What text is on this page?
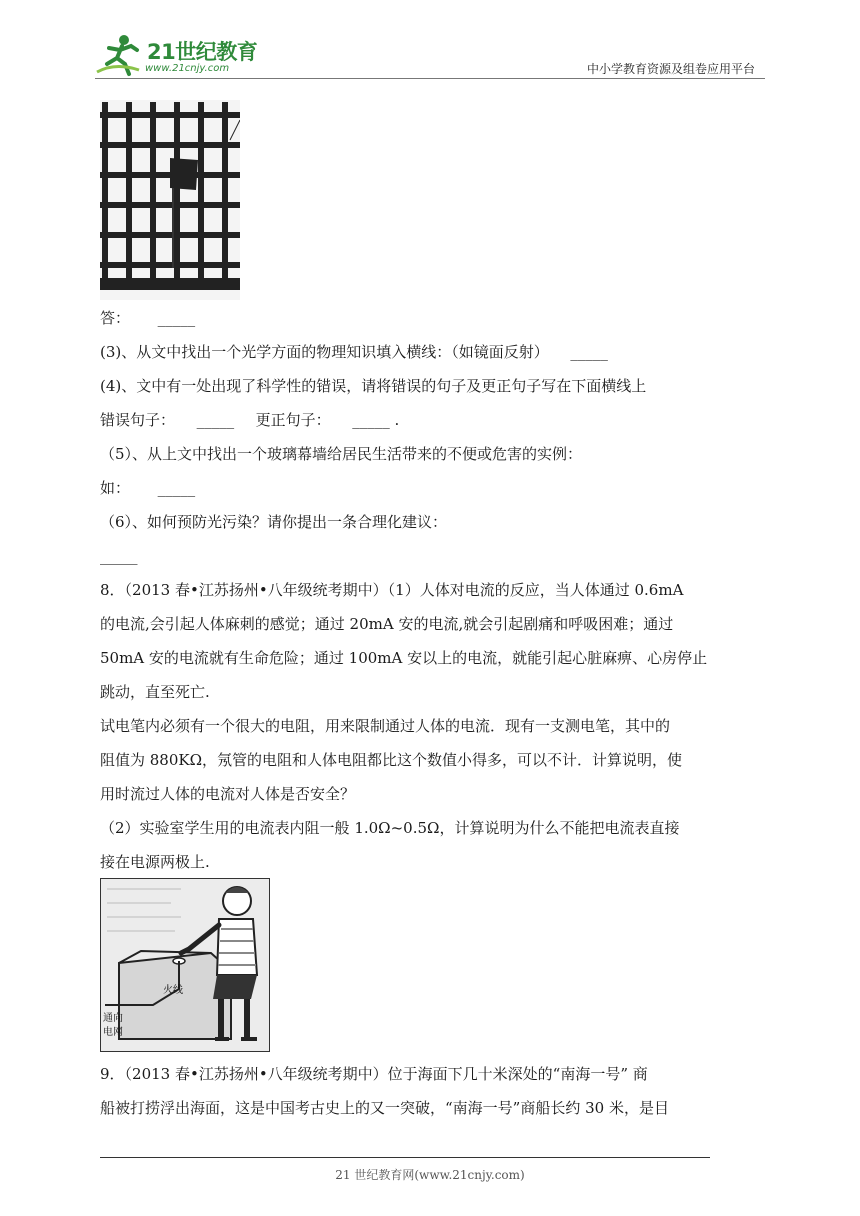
21世纪教育
www.21cnjy.com	中小学教育资源及组卷应用平台
答： _____
(3)、从文中找出一个光学方面的物理知识填入横线：（如镜面反射） _____
(4)、文中有一处出现了科学性的错误，请将错误的句子及更正句子写在下面横线上
错误句子： _____ 更正句子： _____ .
（5）、从上文中找出一个玻璃幕墙给居民生活带来的不便或危害的实例：
如： _____
（6）、如何预防光污染？请你提出一条合理化建议：
_____
8．（2013 春•江苏扬州•八年级统考期中）（1）人体对电流的反应，当人体通过 0.6mA
的电流,会引起人体麻刺的感觉；通过 20mA 安的电流,就会引起剧痛和呼吸困难；通过
50mA 安的电流就有生命危险；通过 100mA 安以上的电流，就能引起心脏麻痹、心房停止
跳动，直至死亡.
试电笔内必须有一个很大的电阻，用来限制通过人体的电流．现有一支测电笔，其中的
阻值为 880KΩ，氖管的电阻和人体电阻都比这个数值小得多，可以不计．计算说明，使
用时流过人体的电流对人体是否安全？
（2）实验室学生用的电流表内阻一般 1.0Ω~0.5Ω，计算说明为什么不能把电流表直接
接在电源两极上.
火线
通向
电网
9．（2013 春•江苏扬州•八年级统考期中）位于海面下几十米深处的“南海一号” 商
船被打捞浮出海面，这是中国考古史上的又一突破，“南海一号”商船长约 30 米，是目
21 世纪教育网(www.21cnjy.com)
